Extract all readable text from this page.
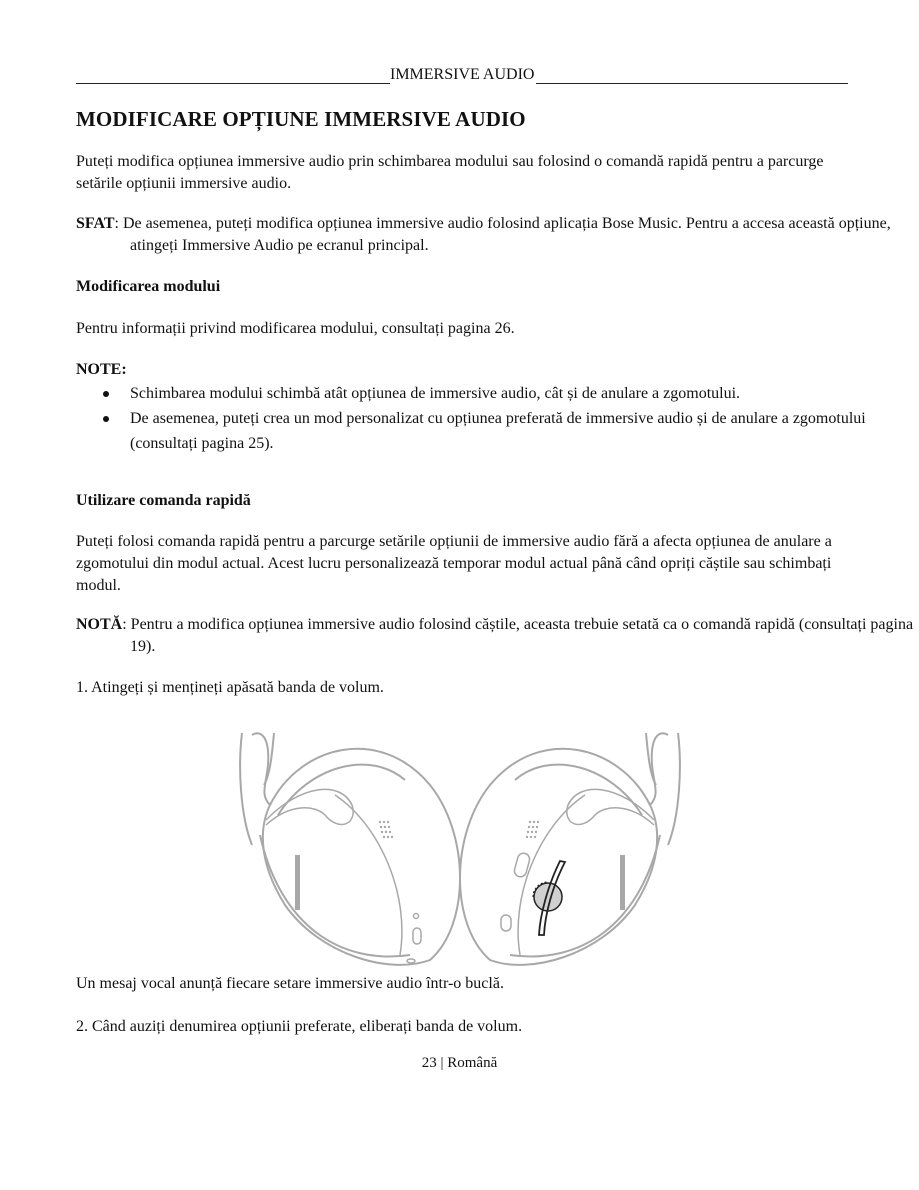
IMMERSIVE AUDIO
MODIFICARE OPȚIUNE IMMERSIVE AUDIO
Puteți modifica opțiunea immersive audio prin schimbarea modului sau folosind o comandă rapidă pentru a parcurge setările opțiunii immersive audio.
SFAT: De asemenea, puteți modifica opțiunea immersive audio folosind aplicația Bose Music. Pentru a accesa această opțiune, atingeți Immersive Audio pe ecranul principal.
Modificarea modului
Pentru informații privind modificarea modului, consultați pagina 26.
NOTE:
Schimbarea modului schimbă atât opțiunea de immersive audio, cât și de anulare a zgomotului.
De asemenea, puteți crea un mod personalizat cu opțiunea preferată de immersive audio și de anulare a zgomotului (consultați pagina 25).
Utilizare comanda rapidă
Puteți folosi comanda rapidă pentru a parcurge setările opțiunii de immersive audio fără a afecta opțiunea de anulare a zgomotului din modul actual. Acest lucru personalizează temporar modul actual până când opriți căștile sau schimbați modul.
NOTĂ: Pentru a modifica opțiunea immersive audio folosind căștile, aceasta trebuie setată ca o comandă rapidă (consultați pagina 19).
1. Atingeți și mențineți apăsată banda de volum.
Un mesaj vocal anunță fiecare setare immersive audio într-o buclă.
2. Când auziți denumirea opțiunii preferate, eliberați banda de volum.
23 | Română
